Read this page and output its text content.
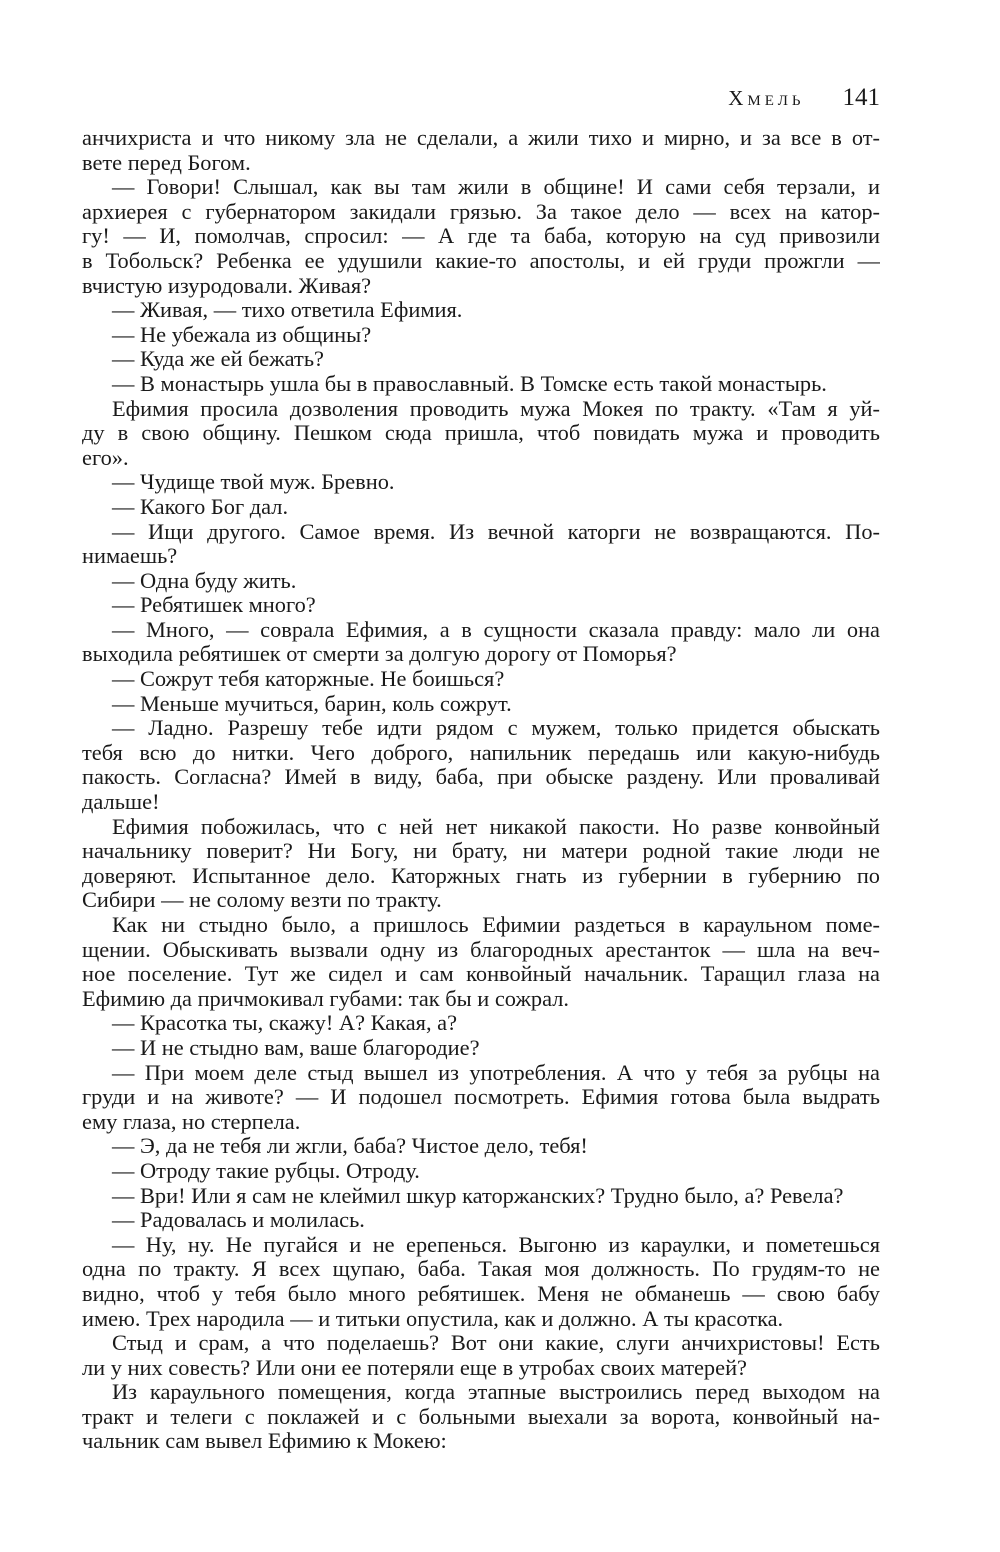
Хмель 141
анчихриста и что никому зла не сделали, а жили тихо и мирно, и за все в от-
вете перед Богом.
— Говори! Слышал, как вы там жили в общине! И сами себя терзали, и
архиерея с губернатором закидали грязью. За такое дело — всех на катор-
гу! — И, помолчав, спросил: — А где та баба, которую на суд привозили
в Тобольск? Ребенка ее удушили какие-то апостолы, и ей груди прожгли —
вчистую изуродовали. Живая?
— Живая, — тихо ответила Ефимия.
— Не убежала из общины?
— Куда же ей бежать?
— В монастырь ушла бы в православный. В Томске есть такой монастырь.
Ефимия просила дозволения проводить мужа Мокея по тракту. «Там я уй-
ду в свою общину. Пешком сюда пришла, чтоб повидать мужа и проводить
его».
— Чудище твой муж. Бревно.
— Какого Бог дал.
— Ищи другого. Самое время. Из вечной каторги не возвращаются. По-
нимаешь?
— Одна буду жить.
— Ребятишек много?
— Много, — соврала Ефимия, а в сущности сказала правду: мало ли она
выходила ребятишек от смерти за долгую дорогу от Поморья?
— Сожрут тебя каторжные. Не боишься?
— Меньше мучиться, барин, коль сожрут.
— Ладно. Разрешу тебе идти рядом с мужем, только придется обыскать
тебя всю до нитки. Чего доброго, напильник передашь или какую-нибудь
пакость. Согласна? Имей в виду, баба, при обыске раздену. Или проваливай
дальше!
Ефимия побожилась, что с ней нет никакой пакости. Но разве конвойный
начальнику поверит? Ни Богу, ни брату, ни матери родной такие люди не
доверяют. Испытанное дело. Каторжных гнать из губернии в губернию по
Сибири — не солому везти по тракту.
Как ни стыдно было, а пришлось Ефимии раздеться в караульном поме-
щении. Обыскивать вызвали одну из благородных арестанток — шла на веч-
ное поселение. Тут же сидел и сам конвойный начальник. Таращил глаза на
Ефимию да причмокивал губами: так бы и сожрал.
— Красотка ты, скажу! А? Какая, а?
— И не стыдно вам, ваше благородие?
— При моем деле стыд вышел из употребления. А что у тебя за рубцы на
груди и на животе? — И подошел посмотреть. Ефимия готова была выдрать
ему глаза, но стерпела.
— Э, да не тебя ли жгли, баба? Чистое дело, тебя!
— Отроду такие рубцы. Отроду.
— Ври! Или я сам не клеймил шкур каторжанских? Трудно было, а? Ревела?
— Радовалась и молилась.
— Ну, ну. Не пугайся и не ерепенься. Выгоню из караулки, и пометешься
одна по тракту. Я всех щупаю, баба. Такая моя должность. По грудям-то не
видно, чтоб у тебя было много ребятишек. Меня не обманешь — свою бабу
имею. Трех народила — и титьки опустила, как и должно. А ты красотка.
Стыд и срам, а что поделаешь? Вот они какие, слуги анчихристовы! Есть
ли у них совесть? Или они ее потеряли еще в утробах своих матерей?
Из караульного помещения, когда этапные выстроились перед выходом на
тракт и телеги с поклажей и с больными выехали за ворота, конвойный на-
чальник сам вывел Ефимию к Мокею:
